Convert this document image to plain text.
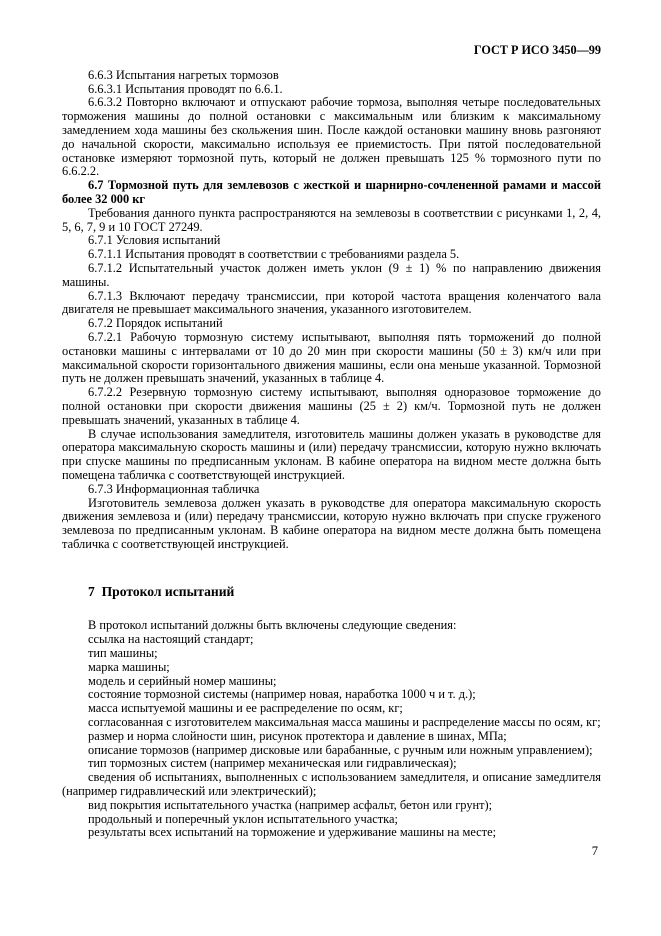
ГОСТ Р ИСО 3450—99

6.6.3 Испытания нагретых тормозов

6.6.3.1 Испытания проводят по 6.6.1.

6.6.3.2 Повторно включают и отпускают рабочие тормоза, выполняя четыре последовательных торможения машины до полной остановки с максимальным или близким к максимальному замедлением хода машины без скольжения шин. После каждой остановки машину вновь разгоняют до начальной скорости, максимально используя ее приемистость. При пятой последовательной остановке измеряют тормозной путь, который не должен превышать 125 % тормозного пути по 6.6.2.2.

6.7 Тормозной путь для землевозов с жесткой и шарнирно-сочлененной рамами и массой более 32 000 кг

Требования данного пункта распространяются на землевозы в соответствии с рисунками 1, 2, 4, 5, 6, 7, 9 и 10 ГОСТ 27249.

6.7.1 Условия испытаний

6.7.1.1 Испытания проводят в соответствии с требованиями раздела 5.

6.7.1.2 Испытательный участок должен иметь уклон (9 ± 1) % по направлению движения машины.

6.7.1.3 Включают передачу трансмиссии, при которой частота вращения коленчатого вала двигателя не превышает максимального значения, указанного изготовителем.

6.7.2 Порядок испытаний

6.7.2.1 Рабочую тормозную систему испытывают, выполняя пять торможений до полной остановки машины с интервалами от 10 до 20 мин при скорости машины (50 ± 3) км/ч или при максимальной скорости горизонтального движения машины, если она меньше указанной. Тормозной путь не должен превышать значений, указанных в таблице 4.

6.7.2.2 Резервную тормозную систему испытывают, выполняя одноразовое торможение до полной остановки при скорости движения машины (25 ± 2) км/ч. Тормозной путь не должен превышать значений, указанных в таблице 4.

В случае использования замедлителя, изготовитель машины должен указать в руководстве для оператора максимальную скорость машины и (или) передачу трансмиссии, которую нужно включать при спуске машины по предписанным уклонам. В кабине оператора на видном месте должна быть помещена табличка с соответствующей инструкцией.

6.7.3 Информационная табличка

Изготовитель землевоза должен указать в руководстве для оператора максимальную скорость движения землевоза и (или) передачу трансмиссии, которую нужно включать при спуске груженого землевоза по предписанным уклонам. В кабине оператора на видном месте должна быть помещена табличка с соответствующей инструкцией.

7  Протокол испытаний

В протокол испытаний должны быть включены следующие сведения:

ссылка на настоящий стандарт;

тип машины;

марка машины;

модель и серийный номер машины;

состояние тормозной системы (например новая, наработка 1000 ч и т. д.);

масса испытуемой машины и ее распределение по осям, кг;

согласованная с изготовителем максимальная масса машины и распределение массы по осям, кг;

размер и норма слойности шин, рисунок протектора и давление в шинах, МПа;

описание тормозов (например дисковые или барабанные, с ручным или ножным управлением);

тип тормозных систем (например механическая или гидравлическая);

сведения об испытаниях, выполненных с использованием замедлителя, и описание замедлителя (например гидравлический или электрический);

вид покрытия испытательного участка (например асфальт, бетон или грунт);

продольный и поперечный уклон испытательного участка;

результаты всех испытаний на торможение и удерживание машины на месте;

7
